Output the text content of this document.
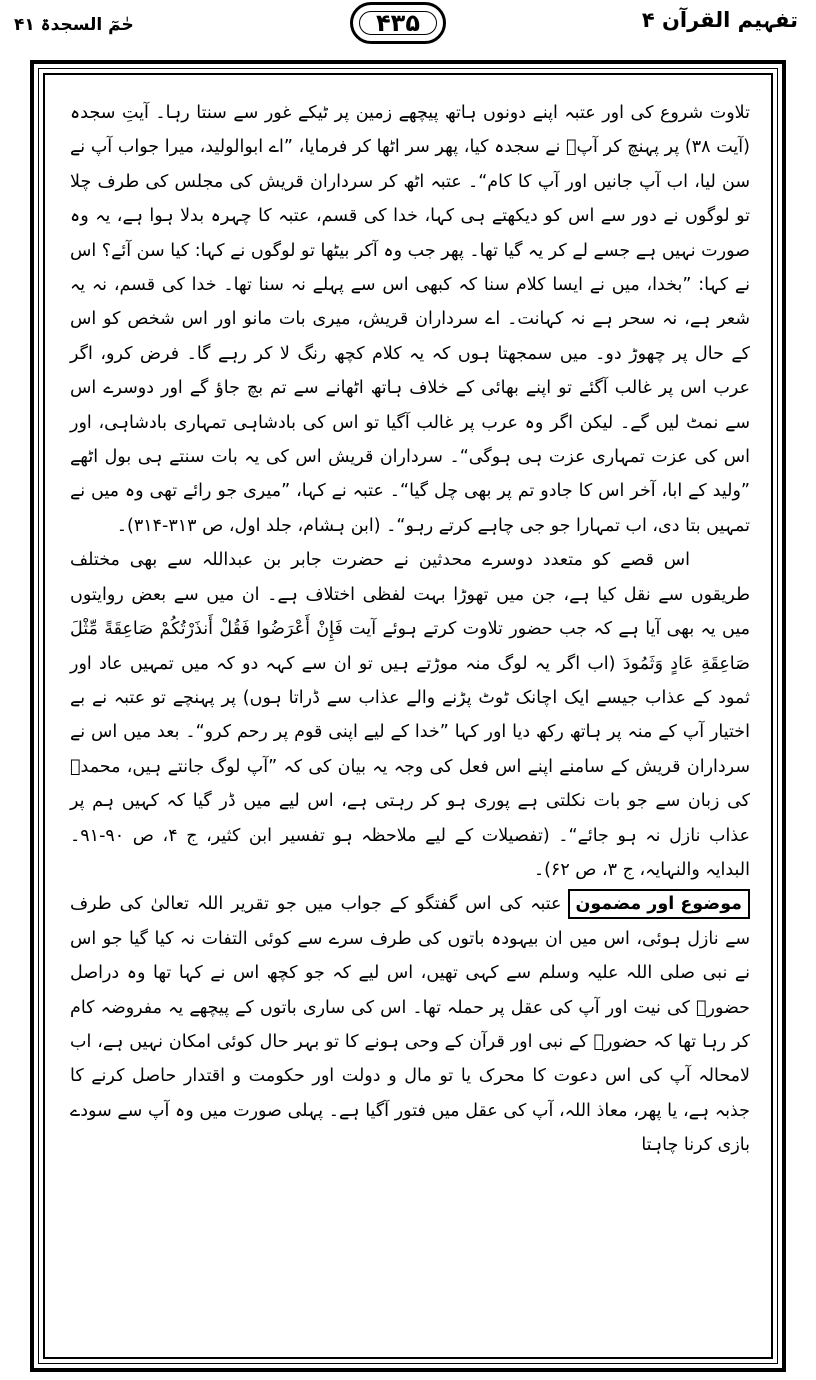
تفہیم القرآن ۴
۴۳۵
حٰمٓ السجدۃ ۴۱

تلاوت شروع کی اور عتبہ اپنے دونوں ہاتھ پیچھے زمین پر ٹیکے غور سے سنتا رہا۔ آیتِ سجدہ (آیت ۳۸) پر پہنچ کر آپؐ نے سجدہ کیا، پھر سر اٹھا کر فرمایا، ”اے ابوالولید، میرا جواب آپ نے سن لیا، اب آپ جانیں اور آپ کا کام“۔ عتبہ اٹھ کر سرداران قریش کی مجلس کی طرف چلا تو لوگوں نے دور سے اس کو دیکھتے ہی کہا، خدا کی قسم، عتبہ کا چہرہ بدلا ہوا ہے، یہ وہ صورت نہیں ہے جسے لے کر یہ گیا تھا۔ پھر جب وہ آکر بیٹھا تو لوگوں نے کہا: کیا سن آئے؟ اس نے کہا: ”بخدا، میں نے ایسا کلام سنا کہ کبھی اس سے پہلے نہ سنا تھا۔ خدا کی قسم، نہ یہ شعر ہے، نہ سحر ہے نہ کہانت۔ اے سرداران قریش، میری بات مانو اور اس شخص کو اس کے حال پر چھوڑ دو۔ میں سمجھتا ہوں کہ یہ کلام کچھ رنگ لا کر رہے گا۔ فرض کرو، اگر عرب اس پر غالب آگئے تو اپنے بھائی کے خلاف ہاتھ اٹھانے سے تم بچ جاؤ گے اور دوسرے اس سے نمٹ لیں گے۔ لیکن اگر وہ عرب پر غالب آگیا تو اس کی بادشاہی تمہاری بادشاہی، اور اس کی عزت تمہاری عزت ہی ہوگی“۔ سرداران قریش اس کی یہ بات سنتے ہی بول اٹھے ”ولید کے ابا، آخر اس کا جادو تم پر بھی چل گیا“۔ عتبہ نے کہا، ”میری جو رائے تھی وہ میں نے تمہیں بتا دی، اب تمہارا جو جی چاہے کرتے رہو“۔ (ابن ہشام، جلد اول، ص ۳۱۳-۳۱۴)۔

اس قصے کو متعدد دوسرے محدثین نے حضرت جابر بن عبداللہ سے بھی مختلف طریقوں سے نقل کیا ہے، جن میں تھوڑا بہت لفظی اختلاف ہے۔ ان میں سے بعض روایتوں میں یہ بھی آیا ہے کہ جب حضور تلاوت کرتے ہوئے آیت فَإِنْ أَعْرَضُوا فَقُلْ أَنذَرْتُكُمْ صَاعِقَةً مِّثْلَ صَاعِقَةِ عَادٍ وَثَمُودَ (اب اگر یہ لوگ منہ موڑتے ہیں تو ان سے کہہ دو کہ میں تمہیں عاد اور ثمود کے عذاب جیسے ایک اچانک ٹوٹ پڑنے والے عذاب سے ڈراتا ہوں) پر پہنچے تو عتبہ نے بے اختیار آپ کے منہ پر ہاتھ رکھ دیا اور کہا ”خدا کے لیے اپنی قوم پر رحم کرو“۔ بعد میں اس نے سرداران قریش کے سامنے اپنے اس فعل کی وجہ یہ بیان کی کہ ”آپ لوگ جانتے ہیں، محمدؐ کی زبان سے جو بات نکلتی ہے پوری ہو کر رہتی ہے، اس لیے میں ڈر گیا کہ کہیں ہم پر عذاب نازل نہ ہو جائے“۔ (تفصیلات کے لیے ملاحظہ ہو تفسیر ابن کثیر، ج ۴، ص ۹۰-۹۱۔ البدایہ والنہایہ، ج ۳، ص ۶۲)۔

موضوع اور مضمونعتبہ کی اس گفتگو کے جواب میں جو تقریر اللہ تعالیٰ کی طرف سے نازل ہوئی، اس میں ان بیہودہ باتوں کی طرف سرے سے کوئی التفات نہ کیا گیا جو اس نے نبی صلی اللہ علیہ وسلم سے کہی تھیں، اس لیے کہ جو کچھ اس نے کہا تھا وہ دراصل حضورؐ کی نیت اور آپ کی عقل پر حملہ تھا۔ اس کی ساری باتوں کے پیچھے یہ مفروضہ کام کر رہا تھا کہ حضورؐ کے نبی اور قرآن کے وحی ہونے کا تو بہر حال کوئی امکان نہیں ہے، اب لامحالہ آپ کی اس دعوت کا محرک یا تو مال و دولت اور حکومت و اقتدار حاصل کرنے کا جذبہ ہے، یا پھر، معاذ اللہ، آپ کی عقل میں فتور آگیا ہے۔ پہلی صورت میں وہ آپ سے سودے بازی کرنا چاہتا
